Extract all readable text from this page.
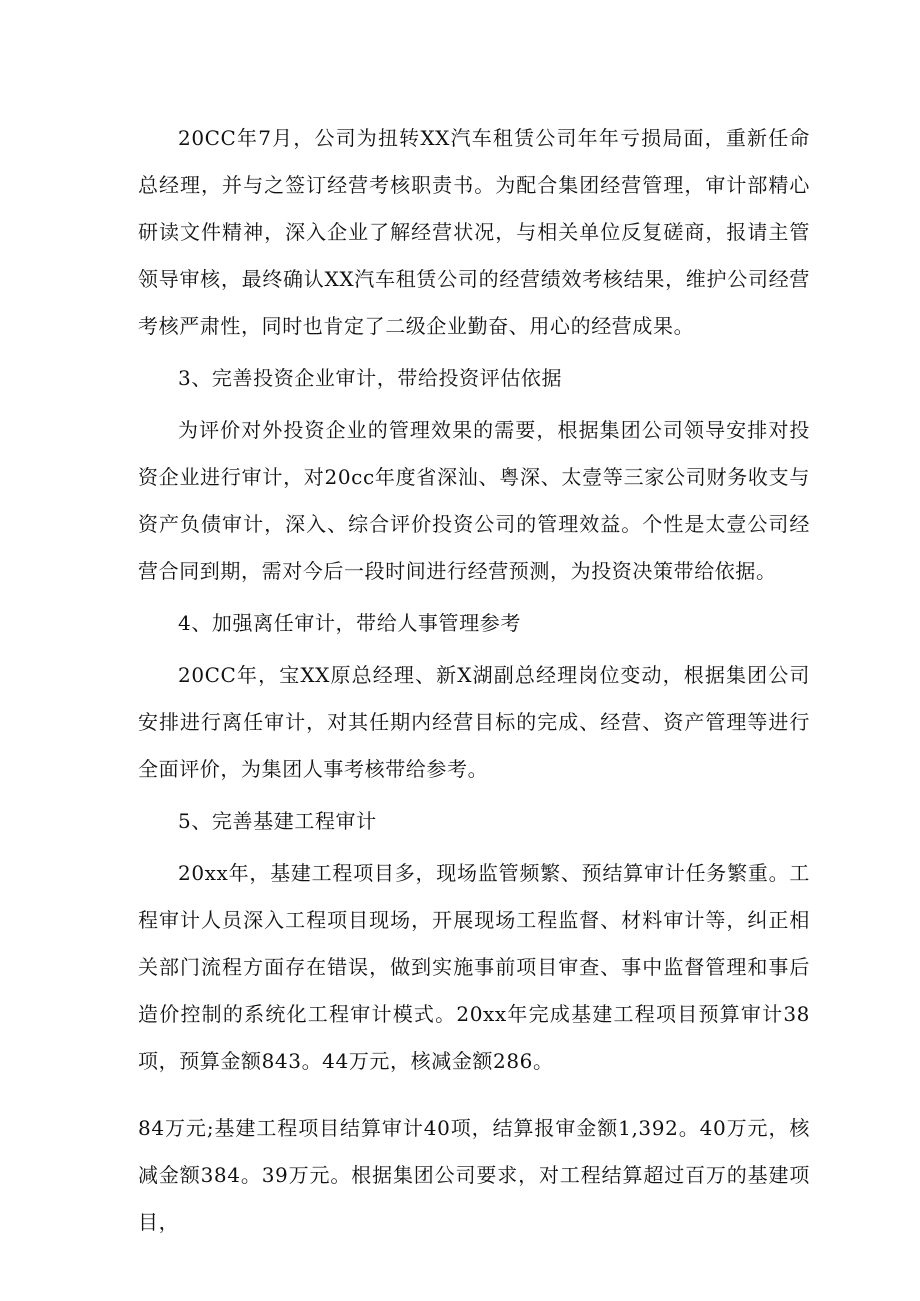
20CC年7月，公司为扭转XX汽车租赁公司年年亏损局面，重新任命总经理，并与之签订经营考核职责书。为配合集团经营管理，审计部精心研读文件精神，深入企业了解经营状况，与相关单位反复磋商，报请主管领导审核，最终确认XX汽车租赁公司的经营绩效考核结果，维护公司经营考核严肃性，同时也肯定了二级企业勤奋、用心的经营成果。

3、完善投资企业审计，带给投资评估依据

为评价对外投资企业的管理效果的需要，根据集团公司领导安排对投资企业进行审计，对20cc年度省深汕、粤深、太壹等三家公司财务收支与资产负债审计，深入、综合评价投资公司的管理效益。个性是太壹公司经营合同到期，需对今后一段时间进行经营预测，为投资决策带给依据。

4、加强离任审计，带给人事管理参考

20CC年，宝XX原总经理、新X湖副总经理岗位变动，根据集团公司安排进行离任审计，对其任期内经营目标的完成、经营、资产管理等进行全面评价，为集团人事考核带给参考。

5、完善基建工程审计

20xx年，基建工程项目多，现场监管频繁、预结算审计任务繁重。工程审计人员深入工程项目现场，开展现场工程监督、材料审计等，纠正相关部门流程方面存在错误，做到实施事前项目审查、事中监督管理和事后造价控制的系统化工程审计模式。20xx年完成基建工程项目预算审计38项，预算金额843。44万元，核减金额286。

84万元;基建工程项目结算审计40项，结算报审金额1,392。40万元，核减金额384。39万元。根据集团公司要求，对工程结算超过百万的基建项目，
